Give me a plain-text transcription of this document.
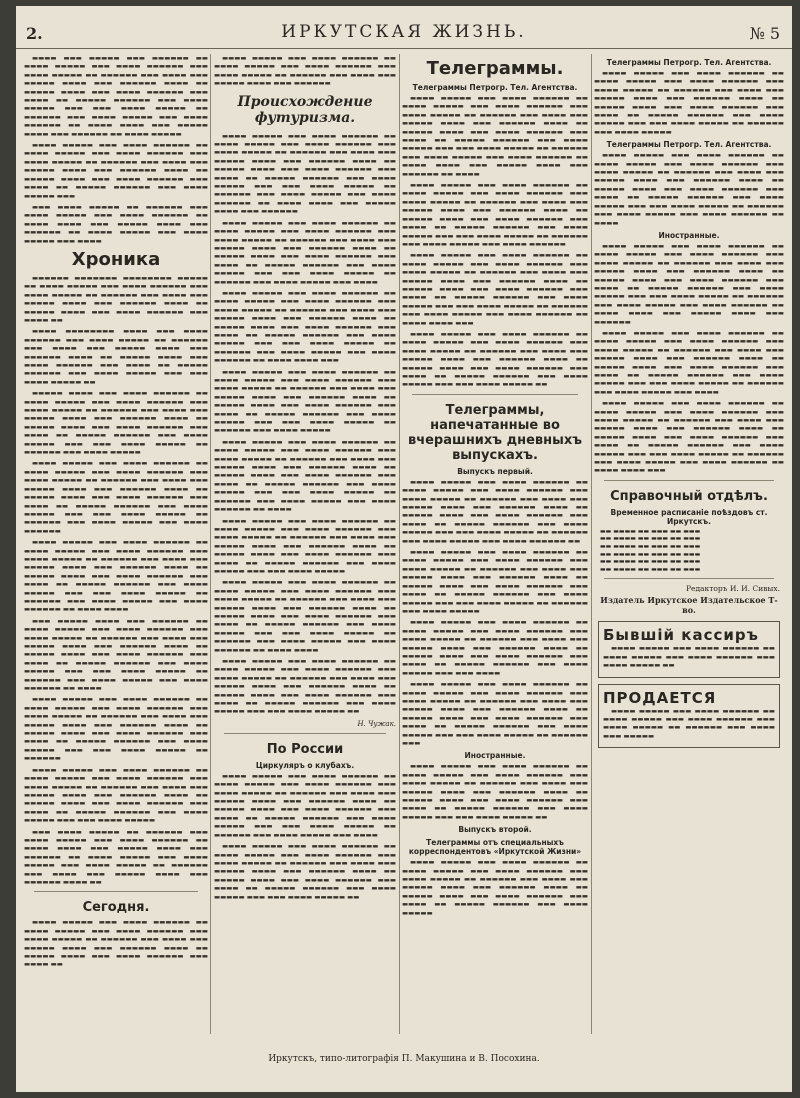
2.	ИРКУТСКАЯ ЖИЗНЬ.	№ 5

▬▬▬▬ ▬▬▬ ▬▬▬▬▬ ▬▬▬ ▬▬▬▬▬▬ ▬▬ ▬▬▬▬ ▬▬▬▬▬ ▬▬▬ ▬▬▬▬ ▬▬▬▬▬▬ ▬▬▬ ▬▬▬▬ ▬▬▬▬▬ ▬▬ ▬▬▬▬▬▬ ▬▬▬ ▬▬▬▬ ▬▬▬ ▬▬▬▬▬ ▬▬▬▬ ▬▬▬ ▬▬▬▬▬▬ ▬▬▬▬ ▬▬ ▬▬▬▬▬ ▬▬▬▬ ▬▬▬ ▬▬▬▬ ▬▬▬▬▬▬ ▬▬▬ ▬▬▬▬ ▬▬ ▬▬▬▬▬ ▬▬▬▬▬▬ ▬▬▬ ▬▬▬▬ ▬▬▬▬▬ ▬▬▬ ▬▬▬ ▬▬▬▬ ▬▬▬▬▬ ▬▬ ▬▬▬▬▬▬ ▬▬▬ ▬▬▬▬ ▬▬▬▬▬ ▬▬▬ ▬▬▬▬ ▬▬▬▬▬▬ ▬▬ ▬▬▬▬ ▬▬▬▬ ▬▬▬ ▬▬▬▬▬ ▬▬▬▬ ▬▬▬ ▬▬▬▬▬▬ ▬▬ ▬▬▬▬ ▬▬▬▬▬

▬▬▬▬ ▬▬▬▬▬ ▬▬▬ ▬▬▬▬ ▬▬▬▬▬▬ ▬▬ ▬▬▬▬ ▬▬▬▬▬ ▬▬▬ ▬▬▬▬ ▬▬▬▬▬▬ ▬▬▬ ▬▬▬▬ ▬▬▬▬▬ ▬▬ ▬▬▬▬▬▬ ▬▬▬ ▬▬▬▬ ▬▬▬ ▬▬▬▬▬ ▬▬▬▬ ▬▬▬ ▬▬▬▬▬▬ ▬▬▬▬ ▬▬ ▬▬▬▬▬ ▬▬▬▬ ▬▬▬ ▬▬▬▬ ▬▬▬▬▬▬ ▬▬▬ ▬▬▬▬ ▬▬ ▬▬▬▬▬ ▬▬▬▬▬▬ ▬▬▬ ▬▬▬▬ ▬▬▬▬▬ ▬▬▬

▬▬▬ ▬▬▬▬ ▬▬▬▬▬ ▬▬ ▬▬▬▬▬▬ ▬▬▬ ▬▬▬▬ ▬▬▬▬▬ ▬▬▬ ▬▬▬▬ ▬▬▬▬▬▬ ▬▬ ▬▬▬▬ ▬▬▬▬ ▬▬▬ ▬▬▬▬▬ ▬▬▬▬ ▬▬▬ ▬▬▬▬▬▬ ▬▬ ▬▬▬▬ ▬▬▬▬▬ ▬▬▬ ▬▬▬▬ ▬▬▬▬▬ ▬▬▬ ▬▬▬▬

Хроника

▬▬▬▬▬▬ ▬▬▬▬▬▬▬ ▬▬▬▬▬▬▬▬ ▬▬▬▬▬ ▬▬ ▬▬▬▬ ▬▬▬▬▬ ▬▬▬ ▬▬▬▬ ▬▬▬▬▬▬ ▬▬▬ ▬▬▬▬ ▬▬▬▬▬ ▬▬ ▬▬▬▬▬▬ ▬▬▬ ▬▬▬▬ ▬▬▬ ▬▬▬▬▬ ▬▬▬▬ ▬▬▬ ▬▬▬▬▬▬ ▬▬▬▬ ▬▬ ▬▬▬▬▬ ▬▬▬▬ ▬▬▬ ▬▬▬▬ ▬▬▬▬▬▬ ▬▬▬ ▬▬▬▬ ▬▬

▬▬▬▬ ▬▬▬▬▬▬▬▬ ▬▬▬▬ ▬▬▬ ▬▬▬▬ ▬▬▬▬▬▬ ▬▬▬ ▬▬▬▬ ▬▬▬▬▬ ▬▬ ▬▬▬▬▬▬ ▬▬▬ ▬▬▬▬ ▬▬▬ ▬▬▬▬▬ ▬▬▬▬ ▬▬▬ ▬▬▬▬▬▬ ▬▬▬▬ ▬▬ ▬▬▬▬▬ ▬▬▬▬ ▬▬▬ ▬▬▬▬ ▬▬▬▬▬▬ ▬▬▬ ▬▬▬▬ ▬▬ ▬▬▬▬▬ ▬▬▬▬▬▬ ▬▬▬ ▬▬▬▬ ▬▬▬▬▬ ▬▬▬ ▬▬▬ ▬▬▬▬ ▬▬▬▬▬ ▬▬

▬▬▬▬▬ ▬▬▬▬ ▬▬▬ ▬▬▬▬ ▬▬▬▬▬▬ ▬▬ ▬▬▬▬ ▬▬▬▬▬ ▬▬▬ ▬▬▬▬ ▬▬▬▬▬▬ ▬▬▬ ▬▬▬▬ ▬▬▬▬▬ ▬▬ ▬▬▬▬▬▬ ▬▬▬ ▬▬▬▬ ▬▬▬ ▬▬▬▬▬ ▬▬▬▬ ▬▬▬ ▬▬▬▬▬▬ ▬▬▬▬ ▬▬ ▬▬▬▬▬ ▬▬▬▬ ▬▬▬ ▬▬▬▬ ▬▬▬▬▬▬ ▬▬▬ ▬▬▬▬ ▬▬ ▬▬▬▬▬ ▬▬▬▬▬▬ ▬▬▬ ▬▬▬▬ ▬▬▬▬▬ ▬▬▬ ▬▬▬ ▬▬▬▬ ▬▬▬▬▬ ▬▬ ▬▬▬▬▬▬ ▬▬▬ ▬▬▬▬ ▬▬▬▬▬

▬▬▬▬ ▬▬▬▬▬ ▬▬▬ ▬▬▬▬ ▬▬▬▬▬▬ ▬▬ ▬▬▬▬ ▬▬▬▬▬ ▬▬▬ ▬▬▬▬ ▬▬▬▬▬▬ ▬▬▬ ▬▬▬▬ ▬▬▬▬▬ ▬▬ ▬▬▬▬▬▬ ▬▬▬ ▬▬▬▬ ▬▬▬ ▬▬▬▬▬ ▬▬▬▬ ▬▬▬ ▬▬▬▬▬▬ ▬▬▬▬ ▬▬ ▬▬▬▬▬ ▬▬▬▬ ▬▬▬ ▬▬▬▬ ▬▬▬▬▬▬ ▬▬▬ ▬▬▬▬ ▬▬ ▬▬▬▬▬ ▬▬▬▬▬▬ ▬▬▬ ▬▬▬▬ ▬▬▬▬▬ ▬▬▬ ▬▬▬ ▬▬▬▬ ▬▬▬▬▬ ▬▬ ▬▬▬▬▬▬ ▬▬▬ ▬▬▬▬ ▬▬▬▬▬ ▬▬▬ ▬▬▬▬ ▬▬▬▬▬▬

▬▬▬▬ ▬▬▬▬▬ ▬▬▬ ▬▬▬▬ ▬▬▬▬▬▬ ▬▬ ▬▬▬▬ ▬▬▬▬▬ ▬▬▬ ▬▬▬▬ ▬▬▬▬▬▬ ▬▬▬ ▬▬▬▬ ▬▬▬▬▬ ▬▬ ▬▬▬▬▬▬ ▬▬▬ ▬▬▬▬ ▬▬▬ ▬▬▬▬▬ ▬▬▬▬ ▬▬▬ ▬▬▬▬▬▬ ▬▬▬▬ ▬▬ ▬▬▬▬▬ ▬▬▬▬ ▬▬▬ ▬▬▬▬ ▬▬▬▬▬▬ ▬▬▬ ▬▬▬▬ ▬▬ ▬▬▬▬▬ ▬▬▬▬▬▬ ▬▬▬ ▬▬▬▬ ▬▬▬▬▬ ▬▬▬ ▬▬▬ ▬▬▬▬ ▬▬▬▬▬ ▬▬ ▬▬▬▬▬▬ ▬▬▬ ▬▬▬▬ ▬▬▬▬▬ ▬▬▬ ▬▬▬▬ ▬▬▬▬▬▬ ▬▬ ▬▬▬▬ ▬▬▬▬

▬▬▬ ▬▬▬▬▬ ▬▬▬▬ ▬▬▬ ▬▬▬▬▬▬ ▬▬ ▬▬▬▬ ▬▬▬▬▬ ▬▬▬ ▬▬▬▬ ▬▬▬▬▬▬ ▬▬▬ ▬▬▬▬ ▬▬▬▬▬ ▬▬ ▬▬▬▬▬▬ ▬▬▬ ▬▬▬▬ ▬▬▬ ▬▬▬▬▬ ▬▬▬▬ ▬▬▬ ▬▬▬▬▬▬ ▬▬▬▬ ▬▬ ▬▬▬▬▬ ▬▬▬▬ ▬▬▬ ▬▬▬▬ ▬▬▬▬▬▬ ▬▬▬ ▬▬▬▬ ▬▬ ▬▬▬▬▬ ▬▬▬▬▬▬ ▬▬▬ ▬▬▬▬ ▬▬▬▬▬ ▬▬▬ ▬▬▬ ▬▬▬▬ ▬▬▬▬▬ ▬▬ ▬▬▬▬▬▬ ▬▬▬ ▬▬▬▬ ▬▬▬▬▬ ▬▬▬ ▬▬▬▬ ▬▬▬▬▬▬ ▬▬ ▬▬▬▬

▬▬▬▬ ▬▬▬▬▬ ▬▬▬ ▬▬▬▬ ▬▬▬▬▬▬ ▬▬ ▬▬▬▬ ▬▬▬▬▬ ▬▬▬ ▬▬▬▬ ▬▬▬▬▬▬ ▬▬▬ ▬▬▬▬ ▬▬▬▬▬ ▬▬ ▬▬▬▬▬▬ ▬▬▬ ▬▬▬▬ ▬▬▬ ▬▬▬▬▬ ▬▬▬▬ ▬▬▬ ▬▬▬▬▬▬ ▬▬▬▬ ▬▬ ▬▬▬▬▬ ▬▬▬▬ ▬▬▬ ▬▬▬▬ ▬▬▬▬▬▬ ▬▬▬ ▬▬▬▬ ▬▬ ▬▬▬▬▬ ▬▬▬▬▬▬ ▬▬▬ ▬▬▬▬ ▬▬▬▬▬ ▬▬▬ ▬▬▬ ▬▬▬▬ ▬▬▬▬▬ ▬▬ ▬▬▬▬▬▬

▬▬▬▬ ▬▬▬▬▬ ▬▬▬ ▬▬▬▬ ▬▬▬▬▬▬ ▬▬ ▬▬▬▬ ▬▬▬▬▬ ▬▬▬ ▬▬▬▬ ▬▬▬▬▬▬ ▬▬▬ ▬▬▬▬ ▬▬▬▬▬ ▬▬ ▬▬▬▬▬▬ ▬▬▬ ▬▬▬▬ ▬▬▬ ▬▬▬▬▬ ▬▬▬▬ ▬▬▬ ▬▬▬▬▬▬ ▬▬▬▬ ▬▬ ▬▬▬▬▬ ▬▬▬▬ ▬▬▬ ▬▬▬▬ ▬▬▬▬▬▬ ▬▬▬ ▬▬▬▬ ▬▬ ▬▬▬▬▬ ▬▬▬▬▬▬ ▬▬▬ ▬▬▬▬ ▬▬▬▬▬ ▬▬▬ ▬▬▬ ▬▬▬▬ ▬▬▬▬▬

▬▬▬ ▬▬▬▬ ▬▬▬▬▬ ▬▬ ▬▬▬▬▬▬ ▬▬▬ ▬▬▬▬ ▬▬▬▬▬ ▬▬▬ ▬▬▬▬ ▬▬▬▬▬▬ ▬▬ ▬▬▬▬ ▬▬▬▬ ▬▬▬ ▬▬▬▬▬ ▬▬▬▬ ▬▬▬ ▬▬▬▬▬▬ ▬▬ ▬▬▬▬ ▬▬▬▬▬ ▬▬▬ ▬▬▬▬ ▬▬▬▬▬ ▬▬▬ ▬▬▬▬ ▬▬▬▬▬ ▬▬ ▬▬▬▬▬▬ ▬▬▬ ▬▬▬▬ ▬▬▬ ▬▬▬▬▬ ▬▬▬▬ ▬▬▬ ▬▬▬▬▬▬ ▬▬▬▬ ▬▬

Сегодня.

▬▬▬▬ ▬▬▬▬▬ ▬▬▬ ▬▬▬▬ ▬▬▬▬▬▬ ▬▬ ▬▬▬▬ ▬▬▬▬▬ ▬▬▬ ▬▬▬▬ ▬▬▬▬▬▬ ▬▬▬ ▬▬▬▬ ▬▬▬▬▬ ▬▬ ▬▬▬▬▬▬ ▬▬▬ ▬▬▬▬ ▬▬▬ ▬▬▬▬▬ ▬▬▬▬ ▬▬▬ ▬▬▬▬▬▬ ▬▬▬▬ ▬▬ ▬▬▬▬▬ ▬▬▬▬ ▬▬▬ ▬▬▬▬ ▬▬▬▬▬▬ ▬▬▬ ▬▬▬▬ ▬▬

▬▬▬▬ ▬▬▬▬▬ ▬▬▬ ▬▬▬▬ ▬▬▬▬▬▬ ▬▬ ▬▬▬▬ ▬▬▬▬▬ ▬▬▬ ▬▬▬▬ ▬▬▬▬▬▬ ▬▬▬ ▬▬▬▬ ▬▬▬▬▬ ▬▬ ▬▬▬▬▬▬ ▬▬▬ ▬▬▬▬ ▬▬▬ ▬▬▬▬▬ ▬▬▬▬ ▬▬▬ ▬▬▬▬▬▬

Происхождение футуризма.

▬▬▬▬ ▬▬▬▬▬ ▬▬▬ ▬▬▬▬ ▬▬▬▬▬▬ ▬▬ ▬▬▬▬ ▬▬▬▬▬ ▬▬▬ ▬▬▬▬ ▬▬▬▬▬▬ ▬▬▬ ▬▬▬▬ ▬▬▬▬▬ ▬▬ ▬▬▬▬▬▬ ▬▬▬ ▬▬▬▬ ▬▬▬ ▬▬▬▬▬ ▬▬▬▬ ▬▬▬ ▬▬▬▬▬▬ ▬▬▬▬ ▬▬ ▬▬▬▬▬ ▬▬▬▬ ▬▬▬ ▬▬▬▬ ▬▬▬▬▬▬ ▬▬▬ ▬▬▬▬ ▬▬ ▬▬▬▬▬ ▬▬▬▬▬▬ ▬▬▬ ▬▬▬▬ ▬▬▬▬▬ ▬▬▬ ▬▬▬ ▬▬▬▬ ▬▬▬▬▬ ▬▬ ▬▬▬▬▬▬ ▬▬▬ ▬▬▬▬ ▬▬▬▬▬ ▬▬▬ ▬▬▬▬ ▬▬▬▬▬▬ ▬▬ ▬▬▬▬ ▬▬▬▬ ▬▬▬ ▬▬▬▬▬ ▬▬▬▬ ▬▬▬ ▬▬▬▬▬▬

▬▬▬▬ ▬▬▬▬▬ ▬▬▬ ▬▬▬▬ ▬▬▬▬▬▬ ▬▬ ▬▬▬▬ ▬▬▬▬▬ ▬▬▬ ▬▬▬▬ ▬▬▬▬▬▬ ▬▬▬ ▬▬▬▬ ▬▬▬▬▬ ▬▬ ▬▬▬▬▬▬ ▬▬▬ ▬▬▬▬ ▬▬▬ ▬▬▬▬▬ ▬▬▬▬ ▬▬▬ ▬▬▬▬▬▬ ▬▬▬▬ ▬▬ ▬▬▬▬▬ ▬▬▬▬ ▬▬▬ ▬▬▬▬ ▬▬▬▬▬▬ ▬▬▬ ▬▬▬▬ ▬▬ ▬▬▬▬▬ ▬▬▬▬▬▬ ▬▬▬ ▬▬▬▬ ▬▬▬▬▬ ▬▬▬ ▬▬▬ ▬▬▬▬ ▬▬▬▬▬ ▬▬ ▬▬▬▬▬▬ ▬▬▬ ▬▬▬▬ ▬▬▬▬▬ ▬▬▬ ▬▬▬▬

▬▬▬▬ ▬▬▬▬▬ ▬▬▬ ▬▬▬▬ ▬▬▬▬▬▬ ▬▬ ▬▬▬▬ ▬▬▬▬▬ ▬▬▬ ▬▬▬▬ ▬▬▬▬▬▬ ▬▬▬ ▬▬▬▬ ▬▬▬▬▬ ▬▬ ▬▬▬▬▬▬ ▬▬▬ ▬▬▬▬ ▬▬▬ ▬▬▬▬▬ ▬▬▬▬ ▬▬▬ ▬▬▬▬▬▬ ▬▬▬▬ ▬▬ ▬▬▬▬▬ ▬▬▬▬ ▬▬▬ ▬▬▬▬ ▬▬▬▬▬▬ ▬▬▬ ▬▬▬▬ ▬▬ ▬▬▬▬▬ ▬▬▬▬▬▬ ▬▬▬ ▬▬▬▬ ▬▬▬▬▬ ▬▬▬ ▬▬▬ ▬▬▬▬ ▬▬▬▬▬ ▬▬ ▬▬▬▬▬▬ ▬▬▬ ▬▬▬▬ ▬▬▬▬▬ ▬▬▬ ▬▬▬▬ ▬▬▬▬▬▬ ▬▬ ▬▬▬▬ ▬▬▬▬ ▬▬▬

▬▬▬▬ ▬▬▬▬▬ ▬▬▬ ▬▬▬▬ ▬▬▬▬▬▬ ▬▬ ▬▬▬▬ ▬▬▬▬▬ ▬▬▬ ▬▬▬▬ ▬▬▬▬▬▬ ▬▬▬ ▬▬▬▬ ▬▬▬▬▬ ▬▬ ▬▬▬▬▬▬ ▬▬▬ ▬▬▬▬ ▬▬▬ ▬▬▬▬▬ ▬▬▬▬ ▬▬▬ ▬▬▬▬▬▬ ▬▬▬▬ ▬▬ ▬▬▬▬▬ ▬▬▬▬ ▬▬▬ ▬▬▬▬ ▬▬▬▬▬▬ ▬▬▬ ▬▬▬▬ ▬▬ ▬▬▬▬▬ ▬▬▬▬▬▬ ▬▬▬ ▬▬▬▬ ▬▬▬▬▬ ▬▬▬ ▬▬▬ ▬▬▬▬ ▬▬▬▬▬ ▬▬ ▬▬▬▬▬▬ ▬▬▬ ▬▬▬▬ ▬▬▬▬▬

▬▬▬▬ ▬▬▬▬▬ ▬▬▬ ▬▬▬▬ ▬▬▬▬▬▬ ▬▬ ▬▬▬▬ ▬▬▬▬▬ ▬▬▬ ▬▬▬▬ ▬▬▬▬▬▬ ▬▬▬ ▬▬▬▬ ▬▬▬▬▬ ▬▬ ▬▬▬▬▬▬ ▬▬▬ ▬▬▬▬ ▬▬▬ ▬▬▬▬▬ ▬▬▬▬ ▬▬▬ ▬▬▬▬▬▬ ▬▬▬▬ ▬▬ ▬▬▬▬▬ ▬▬▬▬ ▬▬▬ ▬▬▬▬ ▬▬▬▬▬▬ ▬▬▬ ▬▬▬▬ ▬▬ ▬▬▬▬▬ ▬▬▬▬▬▬ ▬▬▬ ▬▬▬▬ ▬▬▬▬▬ ▬▬▬ ▬▬▬ ▬▬▬▬ ▬▬▬▬▬ ▬▬ ▬▬▬▬▬▬ ▬▬▬ ▬▬▬▬ ▬▬▬▬▬ ▬▬▬ ▬▬▬▬ ▬▬▬▬▬▬ ▬▬ ▬▬▬▬

▬▬▬▬ ▬▬▬▬▬ ▬▬▬ ▬▬▬▬ ▬▬▬▬▬▬ ▬▬ ▬▬▬▬ ▬▬▬▬▬ ▬▬▬ ▬▬▬▬ ▬▬▬▬▬▬ ▬▬▬ ▬▬▬▬ ▬▬▬▬▬ ▬▬ ▬▬▬▬▬▬ ▬▬▬ ▬▬▬▬ ▬▬▬ ▬▬▬▬▬ ▬▬▬▬ ▬▬▬ ▬▬▬▬▬▬ ▬▬▬▬ ▬▬ ▬▬▬▬▬ ▬▬▬▬ ▬▬▬ ▬▬▬▬ ▬▬▬▬▬▬ ▬▬▬ ▬▬▬▬ ▬▬ ▬▬▬▬▬ ▬▬▬▬▬▬ ▬▬▬ ▬▬▬▬ ▬▬▬▬▬ ▬▬▬ ▬▬▬ ▬▬▬▬ ▬▬▬▬▬

▬▬▬▬ ▬▬▬▬▬ ▬▬▬ ▬▬▬▬ ▬▬▬▬▬▬ ▬▬ ▬▬▬▬ ▬▬▬▬▬ ▬▬▬ ▬▬▬▬ ▬▬▬▬▬▬ ▬▬▬ ▬▬▬▬ ▬▬▬▬▬ ▬▬ ▬▬▬▬▬▬ ▬▬▬ ▬▬▬▬ ▬▬▬ ▬▬▬▬▬ ▬▬▬▬ ▬▬▬ ▬▬▬▬▬▬ ▬▬▬▬ ▬▬ ▬▬▬▬▬ ▬▬▬▬ ▬▬▬ ▬▬▬▬ ▬▬▬▬▬▬ ▬▬▬ ▬▬▬▬ ▬▬ ▬▬▬▬▬ ▬▬▬▬▬▬ ▬▬▬ ▬▬▬▬ ▬▬▬▬▬ ▬▬▬ ▬▬▬ ▬▬▬▬ ▬▬▬▬▬ ▬▬ ▬▬▬▬▬▬ ▬▬▬ ▬▬▬▬ ▬▬▬▬▬ ▬▬▬ ▬▬▬▬ ▬▬▬▬▬▬ ▬▬ ▬▬▬▬ ▬▬▬▬

▬▬▬▬ ▬▬▬▬▬ ▬▬▬ ▬▬▬▬ ▬▬▬▬▬▬ ▬▬ ▬▬▬▬ ▬▬▬▬▬ ▬▬▬ ▬▬▬▬ ▬▬▬▬▬▬ ▬▬▬ ▬▬▬▬ ▬▬▬▬▬ ▬▬ ▬▬▬▬▬▬ ▬▬▬ ▬▬▬▬ ▬▬▬ ▬▬▬▬▬ ▬▬▬▬ ▬▬▬ ▬▬▬▬▬▬ ▬▬▬▬ ▬▬ ▬▬▬▬▬ ▬▬▬▬ ▬▬▬ ▬▬▬▬ ▬▬▬▬▬▬ ▬▬▬ ▬▬▬▬ ▬▬ ▬▬▬▬▬ ▬▬▬▬▬▬ ▬▬▬ ▬▬▬▬ ▬▬▬▬▬ ▬▬▬ ▬▬▬ ▬▬▬▬ ▬▬▬▬▬ ▬▬

Н. Чужак.
По России
Циркуляръ о клубахъ.

▬▬▬▬ ▬▬▬▬▬ ▬▬▬ ▬▬▬▬ ▬▬▬▬▬▬ ▬▬ ▬▬▬▬ ▬▬▬▬▬ ▬▬▬ ▬▬▬▬ ▬▬▬▬▬▬ ▬▬▬ ▬▬▬▬ ▬▬▬▬▬ ▬▬ ▬▬▬▬▬▬ ▬▬▬ ▬▬▬▬ ▬▬▬ ▬▬▬▬▬ ▬▬▬▬ ▬▬▬ ▬▬▬▬▬▬ ▬▬▬▬ ▬▬ ▬▬▬▬▬ ▬▬▬▬ ▬▬▬ ▬▬▬▬ ▬▬▬▬▬▬ ▬▬▬ ▬▬▬▬ ▬▬ ▬▬▬▬▬ ▬▬▬▬▬▬ ▬▬▬ ▬▬▬▬ ▬▬▬▬▬ ▬▬▬ ▬▬▬ ▬▬▬▬ ▬▬▬▬▬ ▬▬ ▬▬▬▬▬▬ ▬▬▬ ▬▬▬▬ ▬▬▬▬▬ ▬▬▬ ▬▬▬▬

▬▬▬▬ ▬▬▬▬▬ ▬▬▬ ▬▬▬▬ ▬▬▬▬▬▬ ▬▬ ▬▬▬▬ ▬▬▬▬▬ ▬▬▬ ▬▬▬▬ ▬▬▬▬▬▬ ▬▬▬ ▬▬▬▬ ▬▬▬▬▬ ▬▬ ▬▬▬▬▬▬ ▬▬▬ ▬▬▬▬ ▬▬▬ ▬▬▬▬▬ ▬▬▬▬ ▬▬▬ ▬▬▬▬▬▬ ▬▬▬▬ ▬▬ ▬▬▬▬▬ ▬▬▬▬ ▬▬▬ ▬▬▬▬ ▬▬▬▬▬▬ ▬▬▬ ▬▬▬▬ ▬▬ ▬▬▬▬▬ ▬▬▬▬▬▬ ▬▬▬ ▬▬▬▬ ▬▬▬▬▬ ▬▬▬ ▬▬▬ ▬▬▬▬ ▬▬▬▬▬ ▬▬

Телеграммы.
Телеграммы Петрогр. Тел. Агентства.

▬▬▬▬ ▬▬▬▬▬ ▬▬▬ ▬▬▬▬ ▬▬▬▬▬▬ ▬▬ ▬▬▬▬ ▬▬▬▬▬ ▬▬▬ ▬▬▬▬ ▬▬▬▬▬▬ ▬▬▬ ▬▬▬▬ ▬▬▬▬▬ ▬▬ ▬▬▬▬▬▬ ▬▬▬ ▬▬▬▬ ▬▬▬ ▬▬▬▬▬ ▬▬▬▬ ▬▬▬ ▬▬▬▬▬▬ ▬▬▬▬ ▬▬ ▬▬▬▬▬ ▬▬▬▬ ▬▬▬ ▬▬▬▬ ▬▬▬▬▬▬ ▬▬▬ ▬▬▬▬ ▬▬ ▬▬▬▬▬ ▬▬▬▬▬▬ ▬▬▬ ▬▬▬▬ ▬▬▬▬▬ ▬▬▬ ▬▬▬ ▬▬▬▬ ▬▬▬▬▬ ▬▬ ▬▬▬▬▬▬ ▬▬▬ ▬▬▬▬ ▬▬▬▬▬ ▬▬▬ ▬▬▬▬ ▬▬▬▬▬▬ ▬▬ ▬▬▬▬ ▬▬▬▬ ▬▬▬ ▬▬▬▬▬ ▬▬▬▬ ▬▬▬ ▬▬▬▬▬▬ ▬▬ ▬▬▬▬

▬▬▬▬ ▬▬▬▬▬ ▬▬▬ ▬▬▬▬ ▬▬▬▬▬▬ ▬▬ ▬▬▬▬ ▬▬▬▬▬ ▬▬▬ ▬▬▬▬ ▬▬▬▬▬▬ ▬▬▬ ▬▬▬▬ ▬▬▬▬▬ ▬▬ ▬▬▬▬▬▬ ▬▬▬ ▬▬▬▬ ▬▬▬ ▬▬▬▬▬ ▬▬▬▬ ▬▬▬ ▬▬▬▬▬▬ ▬▬▬▬ ▬▬ ▬▬▬▬▬ ▬▬▬▬ ▬▬▬ ▬▬▬▬ ▬▬▬▬▬▬ ▬▬▬ ▬▬▬▬ ▬▬ ▬▬▬▬▬ ▬▬▬▬▬▬ ▬▬▬ ▬▬▬▬ ▬▬▬▬▬ ▬▬▬ ▬▬▬ ▬▬▬▬ ▬▬▬▬▬ ▬▬ ▬▬▬▬▬▬ ▬▬▬ ▬▬▬▬ ▬▬▬▬▬ ▬▬▬ ▬▬▬▬ ▬▬▬▬▬▬

▬▬▬▬ ▬▬▬▬▬ ▬▬▬ ▬▬▬▬ ▬▬▬▬▬▬ ▬▬ ▬▬▬▬ ▬▬▬▬▬ ▬▬▬ ▬▬▬▬ ▬▬▬▬▬▬ ▬▬▬ ▬▬▬▬ ▬▬▬▬▬ ▬▬ ▬▬▬▬▬▬ ▬▬▬ ▬▬▬▬ ▬▬▬ ▬▬▬▬▬ ▬▬▬▬ ▬▬▬ ▬▬▬▬▬▬ ▬▬▬▬ ▬▬ ▬▬▬▬▬ ▬▬▬▬ ▬▬▬ ▬▬▬▬ ▬▬▬▬▬▬ ▬▬▬ ▬▬▬▬ ▬▬ ▬▬▬▬▬ ▬▬▬▬▬▬ ▬▬▬ ▬▬▬▬ ▬▬▬▬▬ ▬▬▬ ▬▬▬ ▬▬▬▬ ▬▬▬▬▬ ▬▬ ▬▬▬▬▬▬ ▬▬▬ ▬▬▬▬ ▬▬▬▬▬ ▬▬▬ ▬▬▬▬ ▬▬▬▬▬▬ ▬▬ ▬▬▬▬ ▬▬▬▬ ▬▬▬

▬▬▬▬ ▬▬▬▬▬ ▬▬▬ ▬▬▬▬ ▬▬▬▬▬▬ ▬▬ ▬▬▬▬ ▬▬▬▬▬ ▬▬▬ ▬▬▬▬ ▬▬▬▬▬▬ ▬▬▬ ▬▬▬▬ ▬▬▬▬▬ ▬▬ ▬▬▬▬▬▬ ▬▬▬ ▬▬▬▬ ▬▬▬ ▬▬▬▬▬ ▬▬▬▬ ▬▬▬ ▬▬▬▬▬▬ ▬▬▬▬ ▬▬ ▬▬▬▬▬ ▬▬▬▬ ▬▬▬ ▬▬▬▬ ▬▬▬▬▬▬ ▬▬▬ ▬▬▬▬ ▬▬ ▬▬▬▬▬ ▬▬▬▬▬▬ ▬▬▬ ▬▬▬▬ ▬▬▬▬▬ ▬▬▬ ▬▬▬ ▬▬▬▬ ▬▬▬▬▬ ▬▬

Телеграммы, напечатанные во вчерашнихъ дневныхъ выпускахъ.
Выпускъ первый.

▬▬▬▬ ▬▬▬▬▬ ▬▬▬ ▬▬▬▬ ▬▬▬▬▬▬ ▬▬ ▬▬▬▬ ▬▬▬▬▬ ▬▬▬ ▬▬▬▬ ▬▬▬▬▬▬ ▬▬▬ ▬▬▬▬ ▬▬▬▬▬ ▬▬ ▬▬▬▬▬▬ ▬▬▬ ▬▬▬▬ ▬▬▬ ▬▬▬▬▬ ▬▬▬▬ ▬▬▬ ▬▬▬▬▬▬ ▬▬▬▬ ▬▬ ▬▬▬▬▬ ▬▬▬▬ ▬▬▬ ▬▬▬▬ ▬▬▬▬▬▬ ▬▬▬ ▬▬▬▬ ▬▬ ▬▬▬▬▬ ▬▬▬▬▬▬ ▬▬▬ ▬▬▬▬ ▬▬▬▬▬ ▬▬▬ ▬▬▬ ▬▬▬▬ ▬▬▬▬▬ ▬▬ ▬▬▬▬▬▬ ▬▬▬ ▬▬▬▬ ▬▬▬▬▬ ▬▬▬ ▬▬▬▬ ▬▬▬▬▬▬ ▬▬

▬▬▬▬ ▬▬▬▬▬ ▬▬▬ ▬▬▬▬ ▬▬▬▬▬▬ ▬▬ ▬▬▬▬ ▬▬▬▬▬ ▬▬▬ ▬▬▬▬ ▬▬▬▬▬▬ ▬▬▬ ▬▬▬▬ ▬▬▬▬▬ ▬▬ ▬▬▬▬▬▬ ▬▬▬ ▬▬▬▬ ▬▬▬ ▬▬▬▬▬ ▬▬▬▬ ▬▬▬ ▬▬▬▬▬▬ ▬▬▬▬ ▬▬ ▬▬▬▬▬ ▬▬▬▬ ▬▬▬ ▬▬▬▬ ▬▬▬▬▬▬ ▬▬▬ ▬▬▬▬ ▬▬ ▬▬▬▬▬ ▬▬▬▬▬▬ ▬▬▬ ▬▬▬▬ ▬▬▬▬▬ ▬▬▬ ▬▬▬ ▬▬▬▬ ▬▬▬▬▬ ▬▬ ▬▬▬▬▬▬ ▬▬▬ ▬▬▬▬ ▬▬▬▬▬

▬▬▬▬ ▬▬▬▬▬ ▬▬▬ ▬▬▬▬ ▬▬▬▬▬▬ ▬▬ ▬▬▬▬ ▬▬▬▬▬ ▬▬▬ ▬▬▬▬ ▬▬▬▬▬▬ ▬▬▬ ▬▬▬▬ ▬▬▬▬▬ ▬▬ ▬▬▬▬▬▬ ▬▬▬ ▬▬▬▬ ▬▬▬ ▬▬▬▬▬ ▬▬▬▬ ▬▬▬ ▬▬▬▬▬▬ ▬▬▬▬ ▬▬ ▬▬▬▬▬ ▬▬▬▬ ▬▬▬ ▬▬▬▬ ▬▬▬▬▬▬ ▬▬▬ ▬▬▬▬ ▬▬ ▬▬▬▬▬ ▬▬▬▬▬▬ ▬▬▬ ▬▬▬▬ ▬▬▬▬▬ ▬▬▬ ▬▬▬ ▬▬▬▬

▬▬▬▬ ▬▬▬▬▬ ▬▬▬ ▬▬▬▬ ▬▬▬▬▬▬ ▬▬ ▬▬▬▬ ▬▬▬▬▬ ▬▬▬ ▬▬▬▬ ▬▬▬▬▬▬ ▬▬▬ ▬▬▬▬ ▬▬▬▬▬ ▬▬ ▬▬▬▬▬▬ ▬▬▬ ▬▬▬▬ ▬▬▬ ▬▬▬▬▬ ▬▬▬▬ ▬▬▬ ▬▬▬▬▬▬ ▬▬▬▬ ▬▬ ▬▬▬▬▬ ▬▬▬▬ ▬▬▬ ▬▬▬▬ ▬▬▬▬▬▬ ▬▬▬ ▬▬▬▬ ▬▬ ▬▬▬▬▬ ▬▬▬▬▬▬ ▬▬▬ ▬▬▬▬ ▬▬▬▬▬ ▬▬▬ ▬▬▬ ▬▬▬▬ ▬▬▬▬▬ ▬▬ ▬▬▬▬▬▬ ▬▬▬

Иностранные.

▬▬▬▬ ▬▬▬▬▬ ▬▬▬ ▬▬▬▬ ▬▬▬▬▬▬ ▬▬ ▬▬▬▬ ▬▬▬▬▬ ▬▬▬ ▬▬▬▬ ▬▬▬▬▬▬ ▬▬▬ ▬▬▬▬ ▬▬▬▬▬ ▬▬ ▬▬▬▬▬▬ ▬▬▬ ▬▬▬▬ ▬▬▬ ▬▬▬▬▬ ▬▬▬▬ ▬▬▬ ▬▬▬▬▬▬ ▬▬▬▬ ▬▬ ▬▬▬▬▬ ▬▬▬▬ ▬▬▬ ▬▬▬▬ ▬▬▬▬▬▬ ▬▬▬ ▬▬▬▬ ▬▬ ▬▬▬▬▬ ▬▬▬▬▬▬ ▬▬▬ ▬▬▬▬ ▬▬▬▬▬ ▬▬▬ ▬▬▬ ▬▬▬▬ ▬▬▬▬▬ ▬▬

Выпускъ второй.
Телеграммы отъ специальныхъ корреспондентовъ «Иркутской Жизни»

▬▬▬▬ ▬▬▬▬▬ ▬▬▬ ▬▬▬▬ ▬▬▬▬▬▬ ▬▬ ▬▬▬▬ ▬▬▬▬▬ ▬▬▬ ▬▬▬▬ ▬▬▬▬▬▬ ▬▬▬ ▬▬▬▬ ▬▬▬▬▬ ▬▬ ▬▬▬▬▬▬ ▬▬▬ ▬▬▬▬ ▬▬▬ ▬▬▬▬▬ ▬▬▬▬ ▬▬▬ ▬▬▬▬▬▬ ▬▬▬▬ ▬▬ ▬▬▬▬▬ ▬▬▬▬ ▬▬▬ ▬▬▬▬ ▬▬▬▬▬▬ ▬▬▬ ▬▬▬▬ ▬▬ ▬▬▬▬▬ ▬▬▬▬▬▬ ▬▬▬ ▬▬▬▬ ▬▬▬▬▬

Телеграммы Петрогр. Тел. Агентства.

▬▬▬▬ ▬▬▬▬▬ ▬▬▬ ▬▬▬▬ ▬▬▬▬▬▬ ▬▬ ▬▬▬▬ ▬▬▬▬▬ ▬▬▬ ▬▬▬▬ ▬▬▬▬▬▬ ▬▬▬ ▬▬▬▬ ▬▬▬▬▬ ▬▬ ▬▬▬▬▬▬ ▬▬▬ ▬▬▬▬ ▬▬▬ ▬▬▬▬▬ ▬▬▬▬ ▬▬▬ ▬▬▬▬▬▬ ▬▬▬▬ ▬▬ ▬▬▬▬▬ ▬▬▬▬ ▬▬▬ ▬▬▬▬ ▬▬▬▬▬▬ ▬▬▬ ▬▬▬▬ ▬▬ ▬▬▬▬▬ ▬▬▬▬▬▬ ▬▬▬ ▬▬▬▬ ▬▬▬▬▬ ▬▬▬ ▬▬▬ ▬▬▬▬ ▬▬▬▬▬ ▬▬ ▬▬▬▬▬▬ ▬▬▬ ▬▬▬▬ ▬▬▬▬▬

Телеграммы Петрогр. Тел. Агентства.

▬▬▬▬ ▬▬▬▬▬ ▬▬▬ ▬▬▬▬ ▬▬▬▬▬▬ ▬▬ ▬▬▬▬ ▬▬▬▬▬ ▬▬▬ ▬▬▬▬ ▬▬▬▬▬▬ ▬▬▬ ▬▬▬▬ ▬▬▬▬▬ ▬▬ ▬▬▬▬▬▬ ▬▬▬ ▬▬▬▬ ▬▬▬ ▬▬▬▬▬ ▬▬▬▬ ▬▬▬ ▬▬▬▬▬▬ ▬▬▬▬ ▬▬ ▬▬▬▬▬ ▬▬▬▬ ▬▬▬ ▬▬▬▬ ▬▬▬▬▬▬ ▬▬▬ ▬▬▬▬ ▬▬ ▬▬▬▬▬ ▬▬▬▬▬▬ ▬▬▬ ▬▬▬▬ ▬▬▬▬▬ ▬▬▬ ▬▬▬ ▬▬▬▬ ▬▬▬▬▬ ▬▬ ▬▬▬▬▬▬ ▬▬▬ ▬▬▬▬ ▬▬▬▬▬ ▬▬▬ ▬▬▬▬ ▬▬▬▬▬▬ ▬▬ ▬▬▬▬

Иностранные.

▬▬▬▬ ▬▬▬▬▬ ▬▬▬ ▬▬▬▬ ▬▬▬▬▬▬ ▬▬ ▬▬▬▬ ▬▬▬▬▬ ▬▬▬ ▬▬▬▬ ▬▬▬▬▬▬ ▬▬▬ ▬▬▬▬ ▬▬▬▬▬ ▬▬ ▬▬▬▬▬▬ ▬▬▬ ▬▬▬▬ ▬▬▬ ▬▬▬▬▬ ▬▬▬▬ ▬▬▬ ▬▬▬▬▬▬ ▬▬▬▬ ▬▬ ▬▬▬▬▬ ▬▬▬▬ ▬▬▬ ▬▬▬▬ ▬▬▬▬▬▬ ▬▬▬ ▬▬▬▬ ▬▬ ▬▬▬▬▬ ▬▬▬▬▬▬ ▬▬▬ ▬▬▬▬ ▬▬▬▬▬ ▬▬▬ ▬▬▬ ▬▬▬▬ ▬▬▬▬▬ ▬▬ ▬▬▬▬▬▬ ▬▬▬ ▬▬▬▬ ▬▬▬▬▬ ▬▬▬ ▬▬▬▬ ▬▬▬▬▬▬ ▬▬ ▬▬▬▬ ▬▬▬▬ ▬▬▬ ▬▬▬▬▬ ▬▬▬▬ ▬▬▬ ▬▬▬▬▬▬

▬▬▬▬ ▬▬▬▬▬ ▬▬▬ ▬▬▬▬ ▬▬▬▬▬▬ ▬▬ ▬▬▬▬ ▬▬▬▬▬ ▬▬▬ ▬▬▬▬ ▬▬▬▬▬▬ ▬▬▬ ▬▬▬▬ ▬▬▬▬▬ ▬▬ ▬▬▬▬▬▬ ▬▬▬ ▬▬▬▬ ▬▬▬ ▬▬▬▬▬ ▬▬▬▬ ▬▬▬ ▬▬▬▬▬▬ ▬▬▬▬ ▬▬ ▬▬▬▬▬ ▬▬▬▬ ▬▬▬ ▬▬▬▬ ▬▬▬▬▬▬ ▬▬▬ ▬▬▬▬ ▬▬ ▬▬▬▬▬ ▬▬▬▬▬▬ ▬▬▬ ▬▬▬▬ ▬▬▬▬▬ ▬▬▬ ▬▬▬ ▬▬▬▬ ▬▬▬▬▬ ▬▬ ▬▬▬▬▬▬ ▬▬▬ ▬▬▬▬ ▬▬▬▬▬ ▬▬▬ ▬▬▬▬

▬▬▬▬ ▬▬▬▬▬ ▬▬▬ ▬▬▬▬ ▬▬▬▬▬▬ ▬▬ ▬▬▬▬ ▬▬▬▬▬ ▬▬▬ ▬▬▬▬ ▬▬▬▬▬▬ ▬▬▬ ▬▬▬▬ ▬▬▬▬▬ ▬▬ ▬▬▬▬▬▬ ▬▬▬ ▬▬▬▬ ▬▬▬ ▬▬▬▬▬ ▬▬▬▬ ▬▬▬ ▬▬▬▬▬▬ ▬▬▬▬ ▬▬ ▬▬▬▬▬ ▬▬▬▬ ▬▬▬ ▬▬▬▬ ▬▬▬▬▬▬ ▬▬▬ ▬▬▬▬ ▬▬ ▬▬▬▬▬ ▬▬▬▬▬▬ ▬▬▬ ▬▬▬▬ ▬▬▬▬▬ ▬▬▬ ▬▬▬ ▬▬▬▬ ▬▬▬▬▬ ▬▬ ▬▬▬▬▬▬ ▬▬▬ ▬▬▬▬ ▬▬▬▬▬ ▬▬▬ ▬▬▬▬ ▬▬▬▬▬▬ ▬▬ ▬▬▬▬ ▬▬▬▬ ▬▬▬

Справочный отдѣлъ.
Временное расписаніе поѣздовъ ст. Иркутскъ.
▬▬ ▬▬▬▬ ▬▬ ▬▬▬ ▬▬ ▬▬▬
▬▬ ▬▬▬▬ ▬▬ ▬▬▬ ▬▬ ▬▬▬
▬▬ ▬▬▬▬ ▬▬ ▬▬▬ ▬▬ ▬▬▬
▬▬ ▬▬▬▬ ▬▬ ▬▬▬ ▬▬ ▬▬▬
▬▬ ▬▬▬▬ ▬▬ ▬▬▬ ▬▬ ▬▬▬
▬▬ ▬▬▬▬ ▬▬ ▬▬▬ ▬▬ ▬▬▬
Редакторъ И. И. Сивых.
Издатель Иркутское Издательское Т-во.
Бывшій кассиръ

▬▬▬▬ ▬▬▬▬▬ ▬▬▬ ▬▬▬▬ ▬▬▬▬▬▬ ▬▬ ▬▬▬▬ ▬▬▬▬▬ ▬▬▬ ▬▬▬▬ ▬▬▬▬▬▬ ▬▬▬ ▬▬▬▬ ▬▬▬▬▬ ▬▬

ПРОДАЕТСЯ

▬▬▬▬ ▬▬▬▬▬ ▬▬▬ ▬▬▬▬ ▬▬▬▬▬▬ ▬▬ ▬▬▬▬ ▬▬▬▬▬ ▬▬▬ ▬▬▬▬ ▬▬▬▬▬▬ ▬▬▬ ▬▬▬▬ ▬▬▬▬▬ ▬▬ ▬▬▬▬▬▬ ▬▬▬ ▬▬▬▬ ▬▬▬ ▬▬▬▬▬

Иркутскъ, типо-литографія П. Макушина и В. Посохина.
